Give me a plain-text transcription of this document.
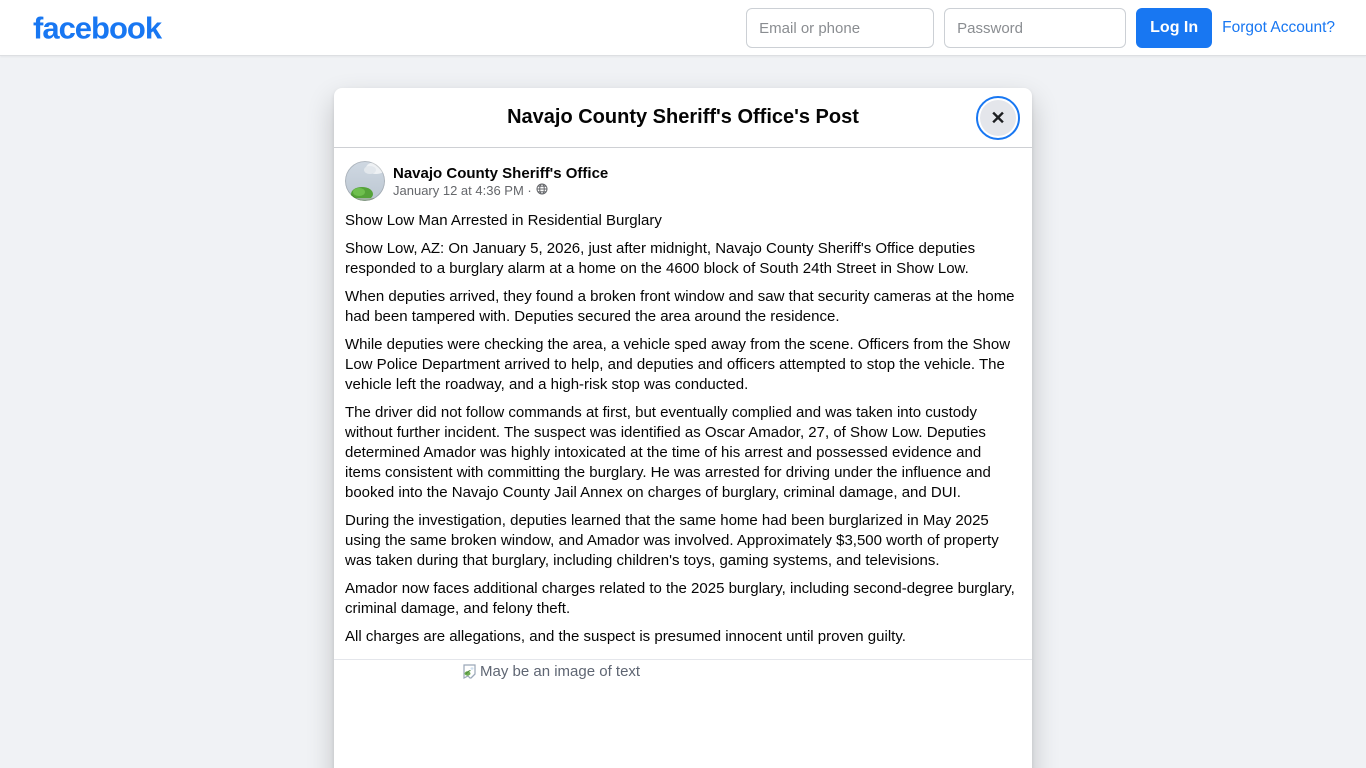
facebook
Email or phone	Log In	Forgot Account?
Navajo County Sheriff's Office's Post	✕
Navajo County Sheriff's Office
January 12 at 4:36 PM ·

Show Low Man Arrested in Residential Burglary

Show Low, AZ: On January 5, 2026, just after midnight, Navajo County Sheriff's Office deputies responded to a burglary alarm at a home on the 4600 block of South 24th Street in Show Low.

When deputies arrived, they found a broken front window and saw that security cameras at the home had been tampered with. Deputies secured the area around the residence.

While deputies were checking the area, a vehicle sped away from the scene. Officers from the Show Low Police Department arrived to help, and deputies and officers attempted to stop the vehicle. The vehicle left the roadway, and a high-risk stop was conducted.

The driver did not follow commands at first, but eventually complied and was taken into custody without further incident. The suspect was identified as Oscar Amador, 27, of Show Low. Deputies determined Amador was highly intoxicated at the time of his arrest and possessed evidence and items consistent with committing the burglary. He was arrested for driving under the influence and booked into the Navajo County Jail Annex on charges of burglary, criminal damage, and DUI.

During the investigation, deputies learned that the same home had been burglarized in May 2025 using the same broken window, and Amador was involved. Approximately $3,500 worth of property was taken during that burglary, including children's toys, gaming systems, and televisions.

Amador now faces additional charges related to the 2025 burglary, including second-degree burglary, criminal damage, and felony theft.

All charges are allegations, and the suspect is presumed innocent until proven guilty.

May be an image of text
